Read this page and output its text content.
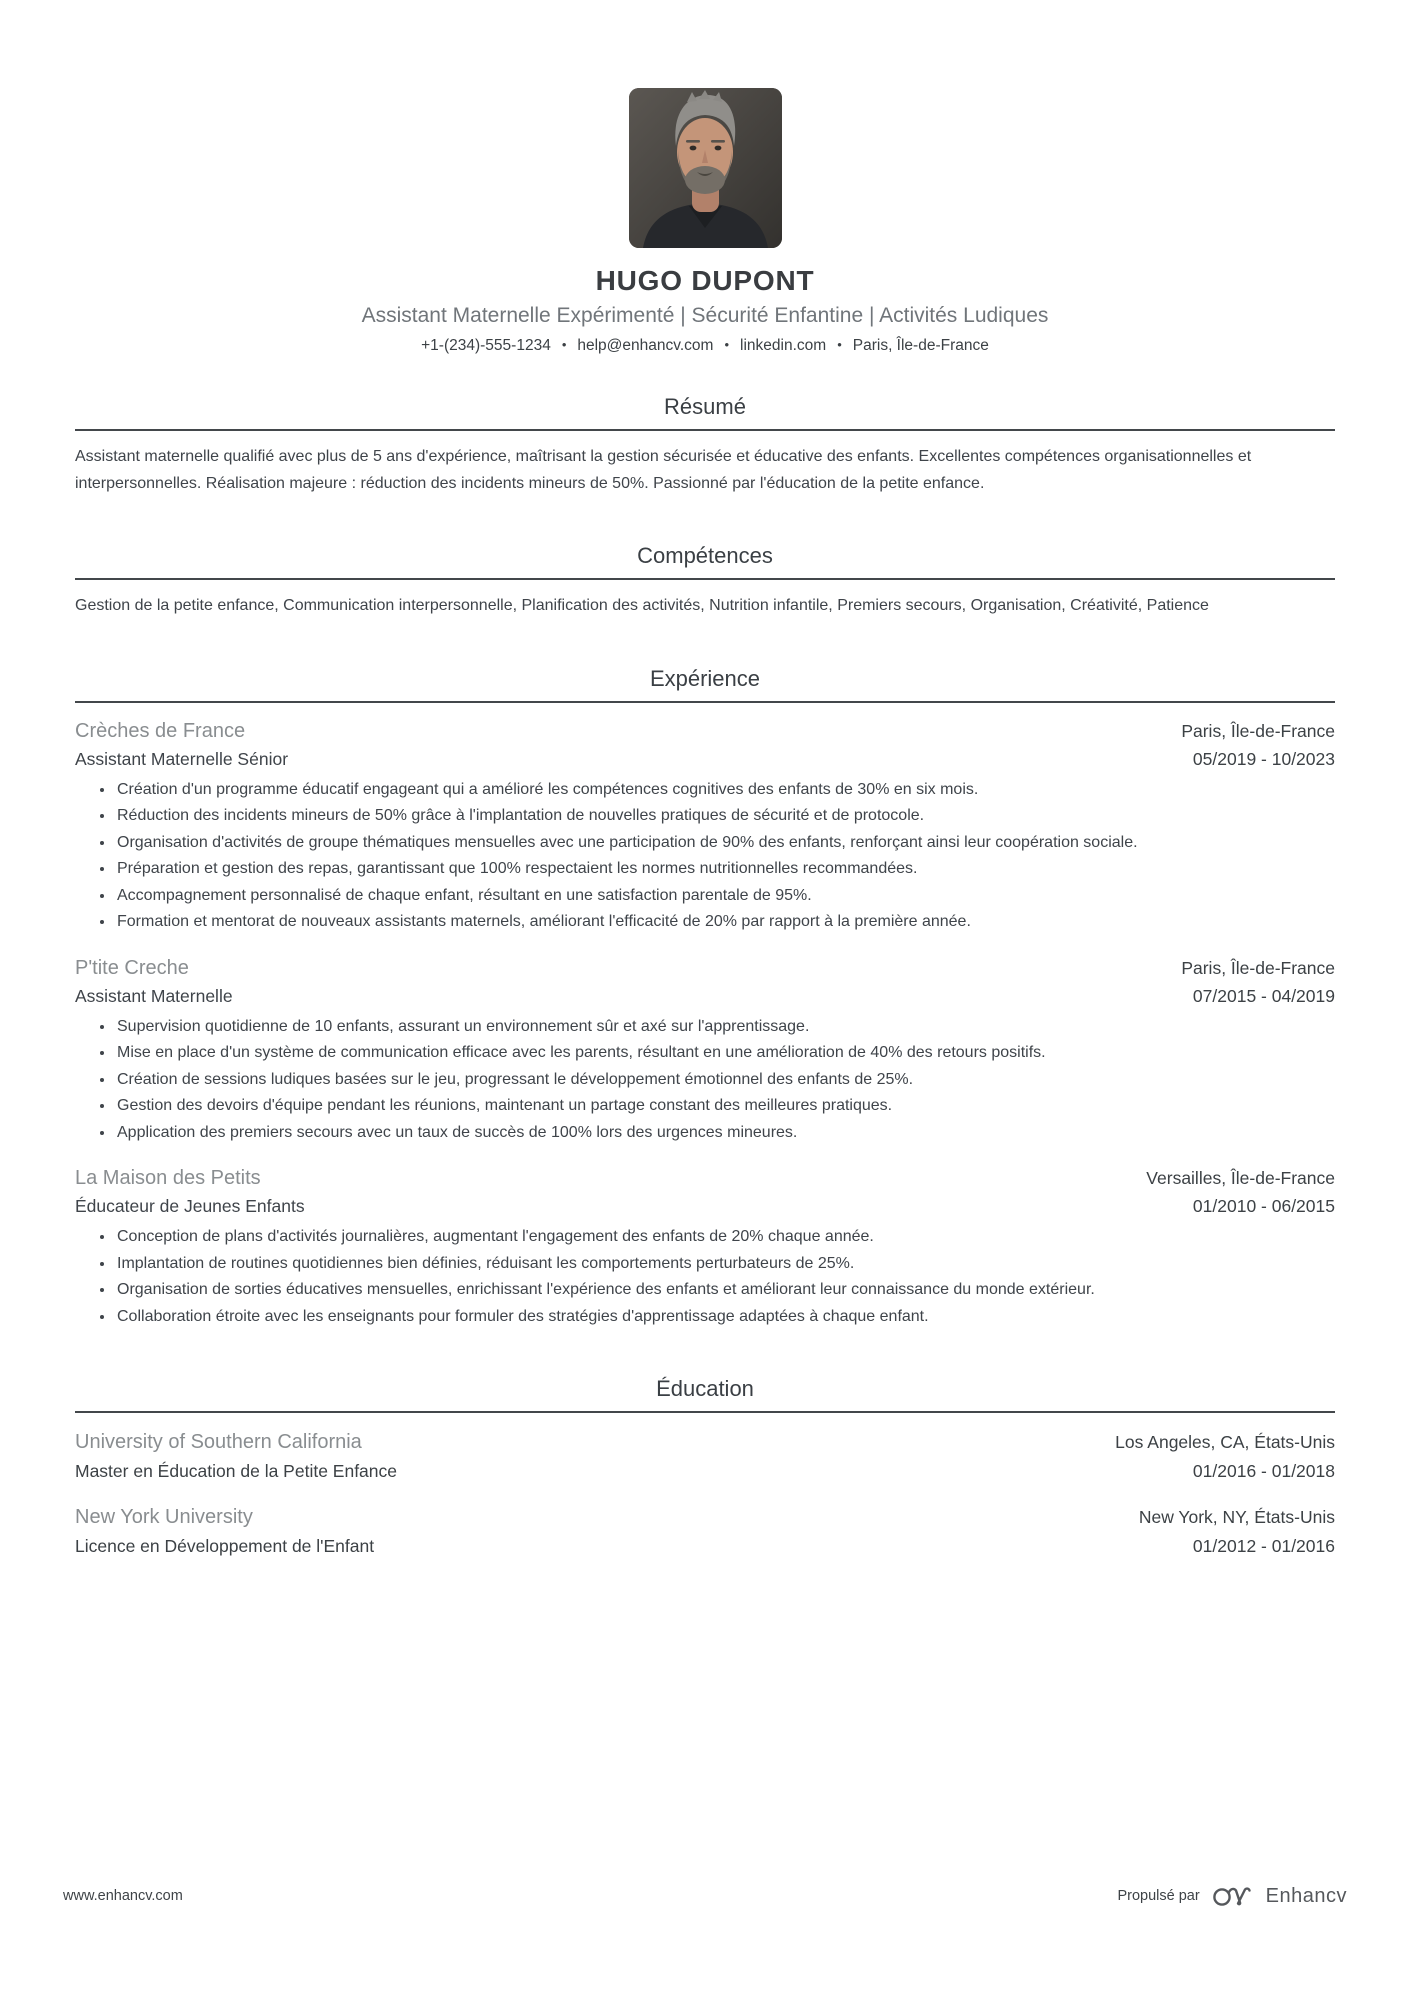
HUGO DUPONT
Assistant Maternelle Expérimenté | Sécurité Enfantine | Activités Ludiques
+1-(234)-555-1234 • help@enhancv.com • linkedin.com • Paris, Île-de-France
Résumé

Assistant maternelle qualifié avec plus de 5 ans d'expérience, maîtrisant la gestion sécurisée et éducative des enfants. Excellentes compétences organisationnelles et interpersonnelles. Réalisation majeure : réduction des incidents mineurs de 50%. Passionné par l'éducation de la petite enfance.

Compétences

Gestion de la petite enfance, Communication interpersonnelle, Planification des activités, Nutrition infantile, Premiers secours, Organisation, Créativité, Patience

Expérience
Crèches de France	Paris, Île-de-France
Assistant Maternelle Sénior	05/2019 - 10/2023
• Création d'un programme éducatif engageant qui a amélioré les compétences cognitives des enfants de 30% en six mois.
• Réduction des incidents mineurs de 50% grâce à l'implantation de nouvelles pratiques de sécurité et de protocole.
• Organisation d'activités de groupe thématiques mensuelles avec une participation de 90% des enfants, renforçant ainsi leur coopération sociale.
• Préparation et gestion des repas, garantissant que 100% respectaient les normes nutritionnelles recommandées.
• Accompagnement personnalisé de chaque enfant, résultant en une satisfaction parentale de 95%.
• Formation et mentorat de nouveaux assistants maternels, améliorant l'efficacité de 20% par rapport à la première année.
P'tite Creche	Paris, Île-de-France
Assistant Maternelle	07/2015 - 04/2019
• Supervision quotidienne de 10 enfants, assurant un environnement sûr et axé sur l'apprentissage.
• Mise en place d'un système de communication efficace avec les parents, résultant en une amélioration de 40% des retours positifs.
• Création de sessions ludiques basées sur le jeu, progressant le développement émotionnel des enfants de 25%.
• Gestion des devoirs d'équipe pendant les réunions, maintenant un partage constant des meilleures pratiques.
• Application des premiers secours avec un taux de succès de 100% lors des urgences mineures.
La Maison des Petits	Versailles, Île-de-France
Éducateur de Jeunes Enfants	01/2010 - 06/2015
• Conception de plans d'activités journalières, augmentant l'engagement des enfants de 20% chaque année.
• Implantation de routines quotidiennes bien définies, réduisant les comportements perturbateurs de 25%.
• Organisation de sorties éducatives mensuelles, enrichissant l'expérience des enfants et améliorant leur connaissance du monde extérieur.
• Collaboration étroite avec les enseignants pour formuler des stratégies d'apprentissage adaptées à chaque enfant.
Éducation
University of Southern California	Los Angeles, CA, États-Unis
Master en Éducation de la Petite Enfance	01/2016 - 01/2018
New York University	New York, NY, États-Unis
Licence en Développement de l'Enfant	01/2012 - 01/2016
www.enhancv.com	Propulsé par	Enhancv
